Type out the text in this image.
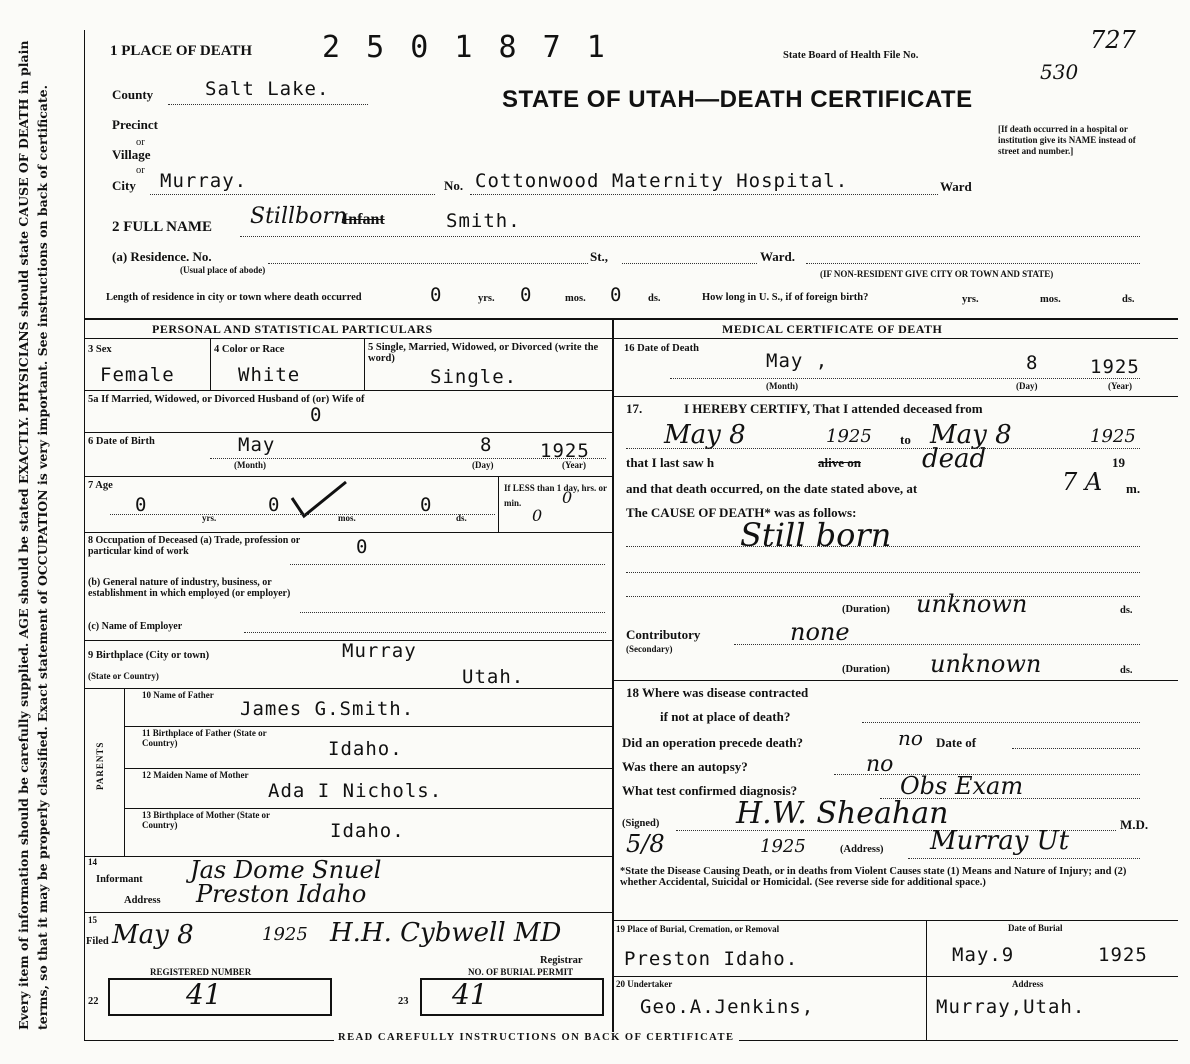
Every item of information should be carefully supplied. AGE should be stated EXACTLY. PHYSICIANS should state CAUSE OF DEATH in plain terms, so that it may be properly classified. Exact statement of OCCUPATION is very important. See instructions on back of certificate.
1 PLACE OF DEATH 2 5 0 1 8 7 1	State Board of Health File No.
727
530
STATE OF UTAH—DEATH CERTIFICATE
County	Salt Lake.
Precinct
or
Village
or
City Murray.	No. Cottonwood Maternity Hospital.	Ward
[If death occurred in a hospital or institution give its NAME instead of street and number.]
2 FULL NAME Stillborn
Infant	Smith.
(a) Residence. No.
(Usual place of abode)
St.,	Ward.
(IF NON-RESIDENT GIVE CITY OR TOWN AND STATE)
Length of residence in city or town where death occurred	0	yrs. 0	mos. 0 ds.	How long in U. S., if of foreign birth?	yrs.	mos.	ds.
PERSONAL AND STATISTICAL PARTICULARS	MEDICAL CERTIFICATE OF DEATH
3 Sex
Female
4 Color or Race
White
5 Single, Married, Widowed, or Divorced (write the word)
Single.
5a If Married, Widowed, or Divorced Husband of (or) Wife of
0
6 Date of Birth	May	8	1925
(Month)	(Day)	(Year)
7 Age
0
yrs.
0
mos.
0
ds.
If LESS than 1 day, hrs. or min.	0
0
8 Occupation of Deceased (a) Trade, profession or particular kind of work	0
(b) General nature of industry, business, or establishment in which employed (or employer)
(c) Name of Employer
9 Birthplace (City or town)	Murray
(State or Country)	Utah.
PARENTS
10 Name of Father
James G.Smith.
11 Birthplace of Father (State or Country)	Idaho.
12 Maiden Name of Mother
Ada I Nichols.
13 Birthplace of Mother (State or Country)	Idaho.
14
Informant Jas Dome Snuel
Address Preston Idaho
15
Filed May 8	1925 H.H. Cybwell MD
Registrar
REGISTERED NUMBER	NO. OF BURIAL PERMIT
22	41	23 41
16 Date of Death
May ,	8	1925
(Month)	(Day)	(Year)
17.	I HEREBY CERTIFY, That I attended deceased from
May 8	1925 to May 8	1925
that I last saw h	alive on dead	19
and that death occurred, on the date stated above, at	7 A m.
The CAUSE OF DEATH* was as follows:
Still born
(Duration) unknown	ds.
Contributory
(Secondary)
none
(Duration) unknown	ds.
18 Where was disease contracted
if not at place of death?
Did an operation precede death?	no Date of
Was there an autopsy?	no
What test confirmed diagnosis?	Obs Exam
(Signed)	H.W. Sheahan	M.D.
5/8	1925	(Address) Murray Ut
*State the Disease Causing Death, or in deaths from Violent Causes state (1) Means and Nature of Injury; and (2) whether Accidental, Suicidal or Homicidal. (See reverse side for additional space.)
19 Place of Burial, Cremation, or Removal
Preston Idaho.
Date of Burial
May.9	1925
20 Undertaker
Geo.A.Jenkins,
Address
Murray,Utah.
READ CAREFULLY INSTRUCTIONS ON BACK OF CERTIFICATE
